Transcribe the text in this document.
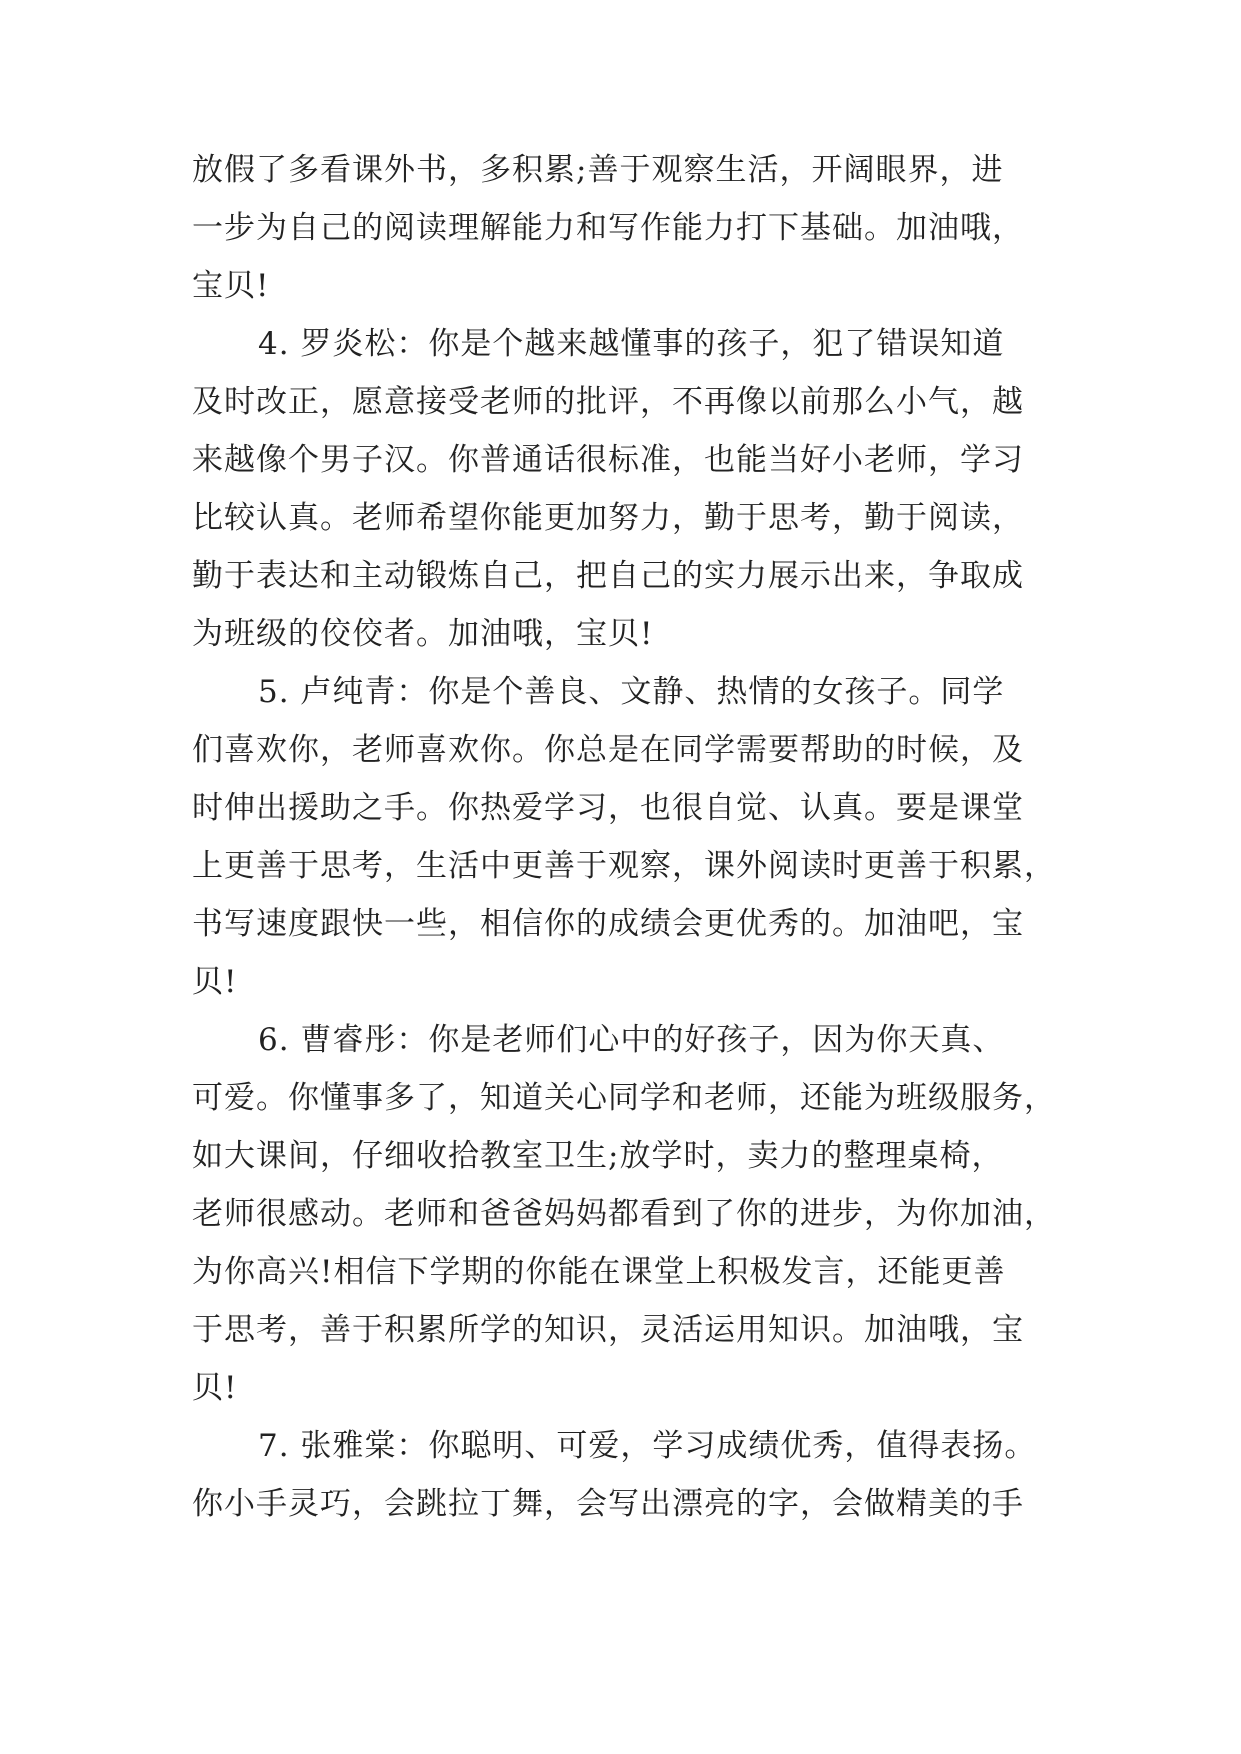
放假了多看课外书，多积累;善于观察生活，开阔眼界，进
一步为自己的阅读理解能力和写作能力打下基础。加油哦，
宝贝!
4. 罗炎松：你是个越来越懂事的孩子，犯了错误知道
及时改正，愿意接受老师的批评，不再像以前那么小气，越
来越像个男子汉。你普通话很标准，也能当好小老师，学习
比较认真。老师希望你能更加努力，勤于思考，勤于阅读，
勤于表达和主动锻炼自己，把自己的实力展示出来，争取成
为班级的佼佼者。加油哦，宝贝!
5. 卢纯青：你是个善良、文静、热情的女孩子。同学
们喜欢你，老师喜欢你。你总是在同学需要帮助的时候，及
时伸出援助之手。你热爱学习，也很自觉、认真。要是课堂
上更善于思考，生活中更善于观察，课外阅读时更善于积累，
书写速度跟快一些，相信你的成绩会更优秀的。加油吧，宝
贝!
6. 曹睿彤：你是老师们心中的好孩子，因为你天真、
可爱。你懂事多了，知道关心同学和老师，还能为班级服务，
如大课间，仔细收拾教室卫生;放学时，卖力的整理桌椅，
老师很感动。老师和爸爸妈妈都看到了你的进步，为你加油，
为你高兴!相信下学期的你能在课堂上积极发言，还能更善
于思考，善于积累所学的知识，灵活运用知识。加油哦，宝
贝!
7. 张雅棠：你聪明、可爱，学习成绩优秀，值得表扬。
你小手灵巧，会跳拉丁舞，会写出漂亮的字，会做精美的手
